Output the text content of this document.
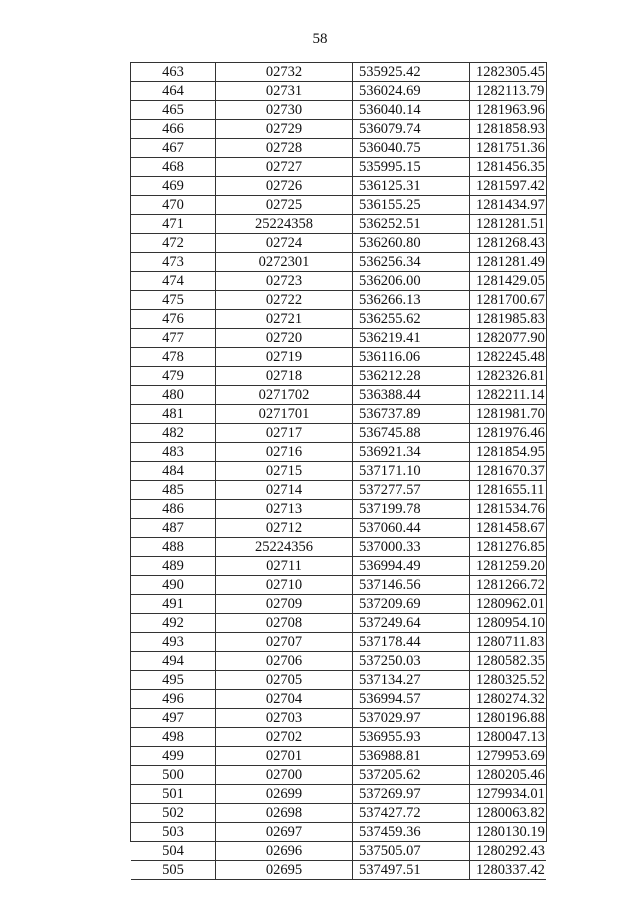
58
463	02732	535925.42	1282305.45
464	02731	536024.69	1282113.79
465	02730	536040.14	1281963.96
466	02729	536079.74	1281858.93
467	02728	536040.75	1281751.36
468	02727	535995.15	1281456.35
469	02726	536125.31	1281597.42
470	02725	536155.25	1281434.97
471	25224358	536252.51	1281281.51
472	02724	536260.80	1281268.43
473	0272301	536256.34	1281281.49
474	02723	536206.00	1281429.05
475	02722	536266.13	1281700.67
476	02721	536255.62	1281985.83
477	02720	536219.41	1282077.90
478	02719	536116.06	1282245.48
479	02718	536212.28	1282326.81
480	0271702	536388.44	1282211.14
481	0271701	536737.89	1281981.70
482	02717	536745.88	1281976.46
483	02716	536921.34	1281854.95
484	02715	537171.10	1281670.37
485	02714	537277.57	1281655.11
486	02713	537199.78	1281534.76
487	02712	537060.44	1281458.67
488	25224356	537000.33	1281276.85
489	02711	536994.49	1281259.20
490	02710	537146.56	1281266.72
491	02709	537209.69	1280962.01
492	02708	537249.64	1280954.10
493	02707	537178.44	1280711.83
494	02706	537250.03	1280582.35
495	02705	537134.27	1280325.52
496	02704	536994.57	1280274.32
497	02703	537029.97	1280196.88
498	02702	536955.93	1280047.13
499	02701	536988.81	1279953.69
500	02700	537205.62	1280205.46
501	02699	537269.97	1279934.01
502	02698	537427.72	1280063.82
503	02697	537459.36	1280130.19
504	02696	537505.07	1280292.43
505	02695	537497.51	1280337.42
